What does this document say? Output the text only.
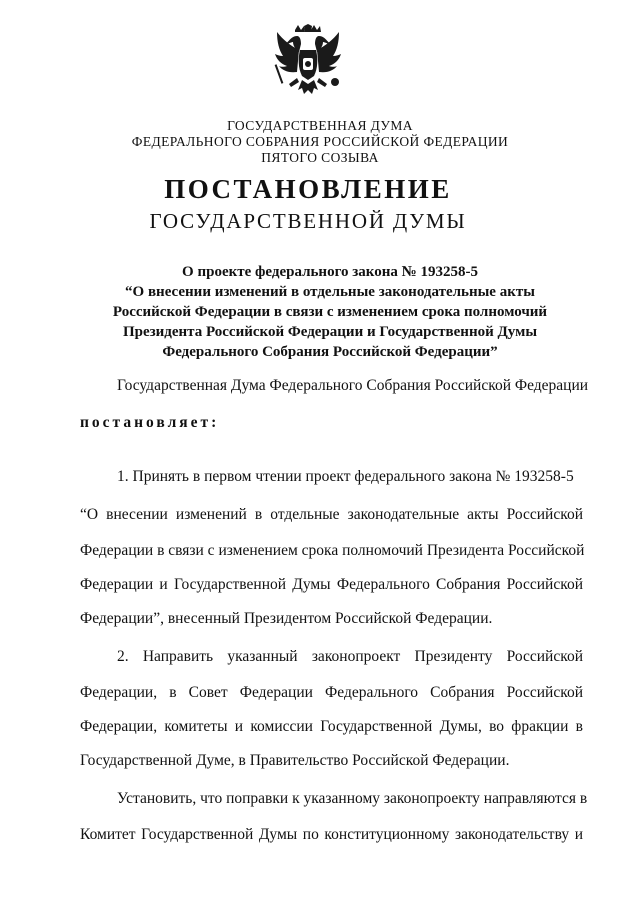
ГОСУДАРСТВЕННАЯ ДУМА
ФЕДЕРАЛЬНОГО СОБРАНИЯ РОССИЙСКОЙ ФЕДЕРАЦИИ
ПЯТОГО СОЗЫВА
ПОСТАНОВЛЕНИЕ
ГОСУДАРСТВЕННОЙ ДУМЫ
О проекте федерального закона № 193258-5
“О внесении изменений в отдельные законодательные акты
Российской Федерации в связи с изменением срока полномочий
Президента Российской Федерации и Государственной Думы
Федерального Собрания Российской Федерации”
Государственная Дума Федерального Собрания Российской Федерации
постановляет:
1. Принять в первом чтении проект федерального закона № 193258-5
“О внесении изменений в отдельные законодательные акты Российской
Федерации в связи с изменением срока полномочий Президента Российской
Федерации и Государственной Думы Федерального Собрания Российской
Федерации”, внесенный Президентом Российской Федерации.
2. Направить указанный законопроект Президенту Российской
Федерации, в Совет Федерации Федерального Собрания Российской
Федерации, комитеты и комиссии Государственной Думы, во фракции в
Государственной Думе, в Правительство Российской Федерации.
Установить, что поправки к указанному законопроекту направляются в
Комитет Государственной Думы по конституционному законодательству и
